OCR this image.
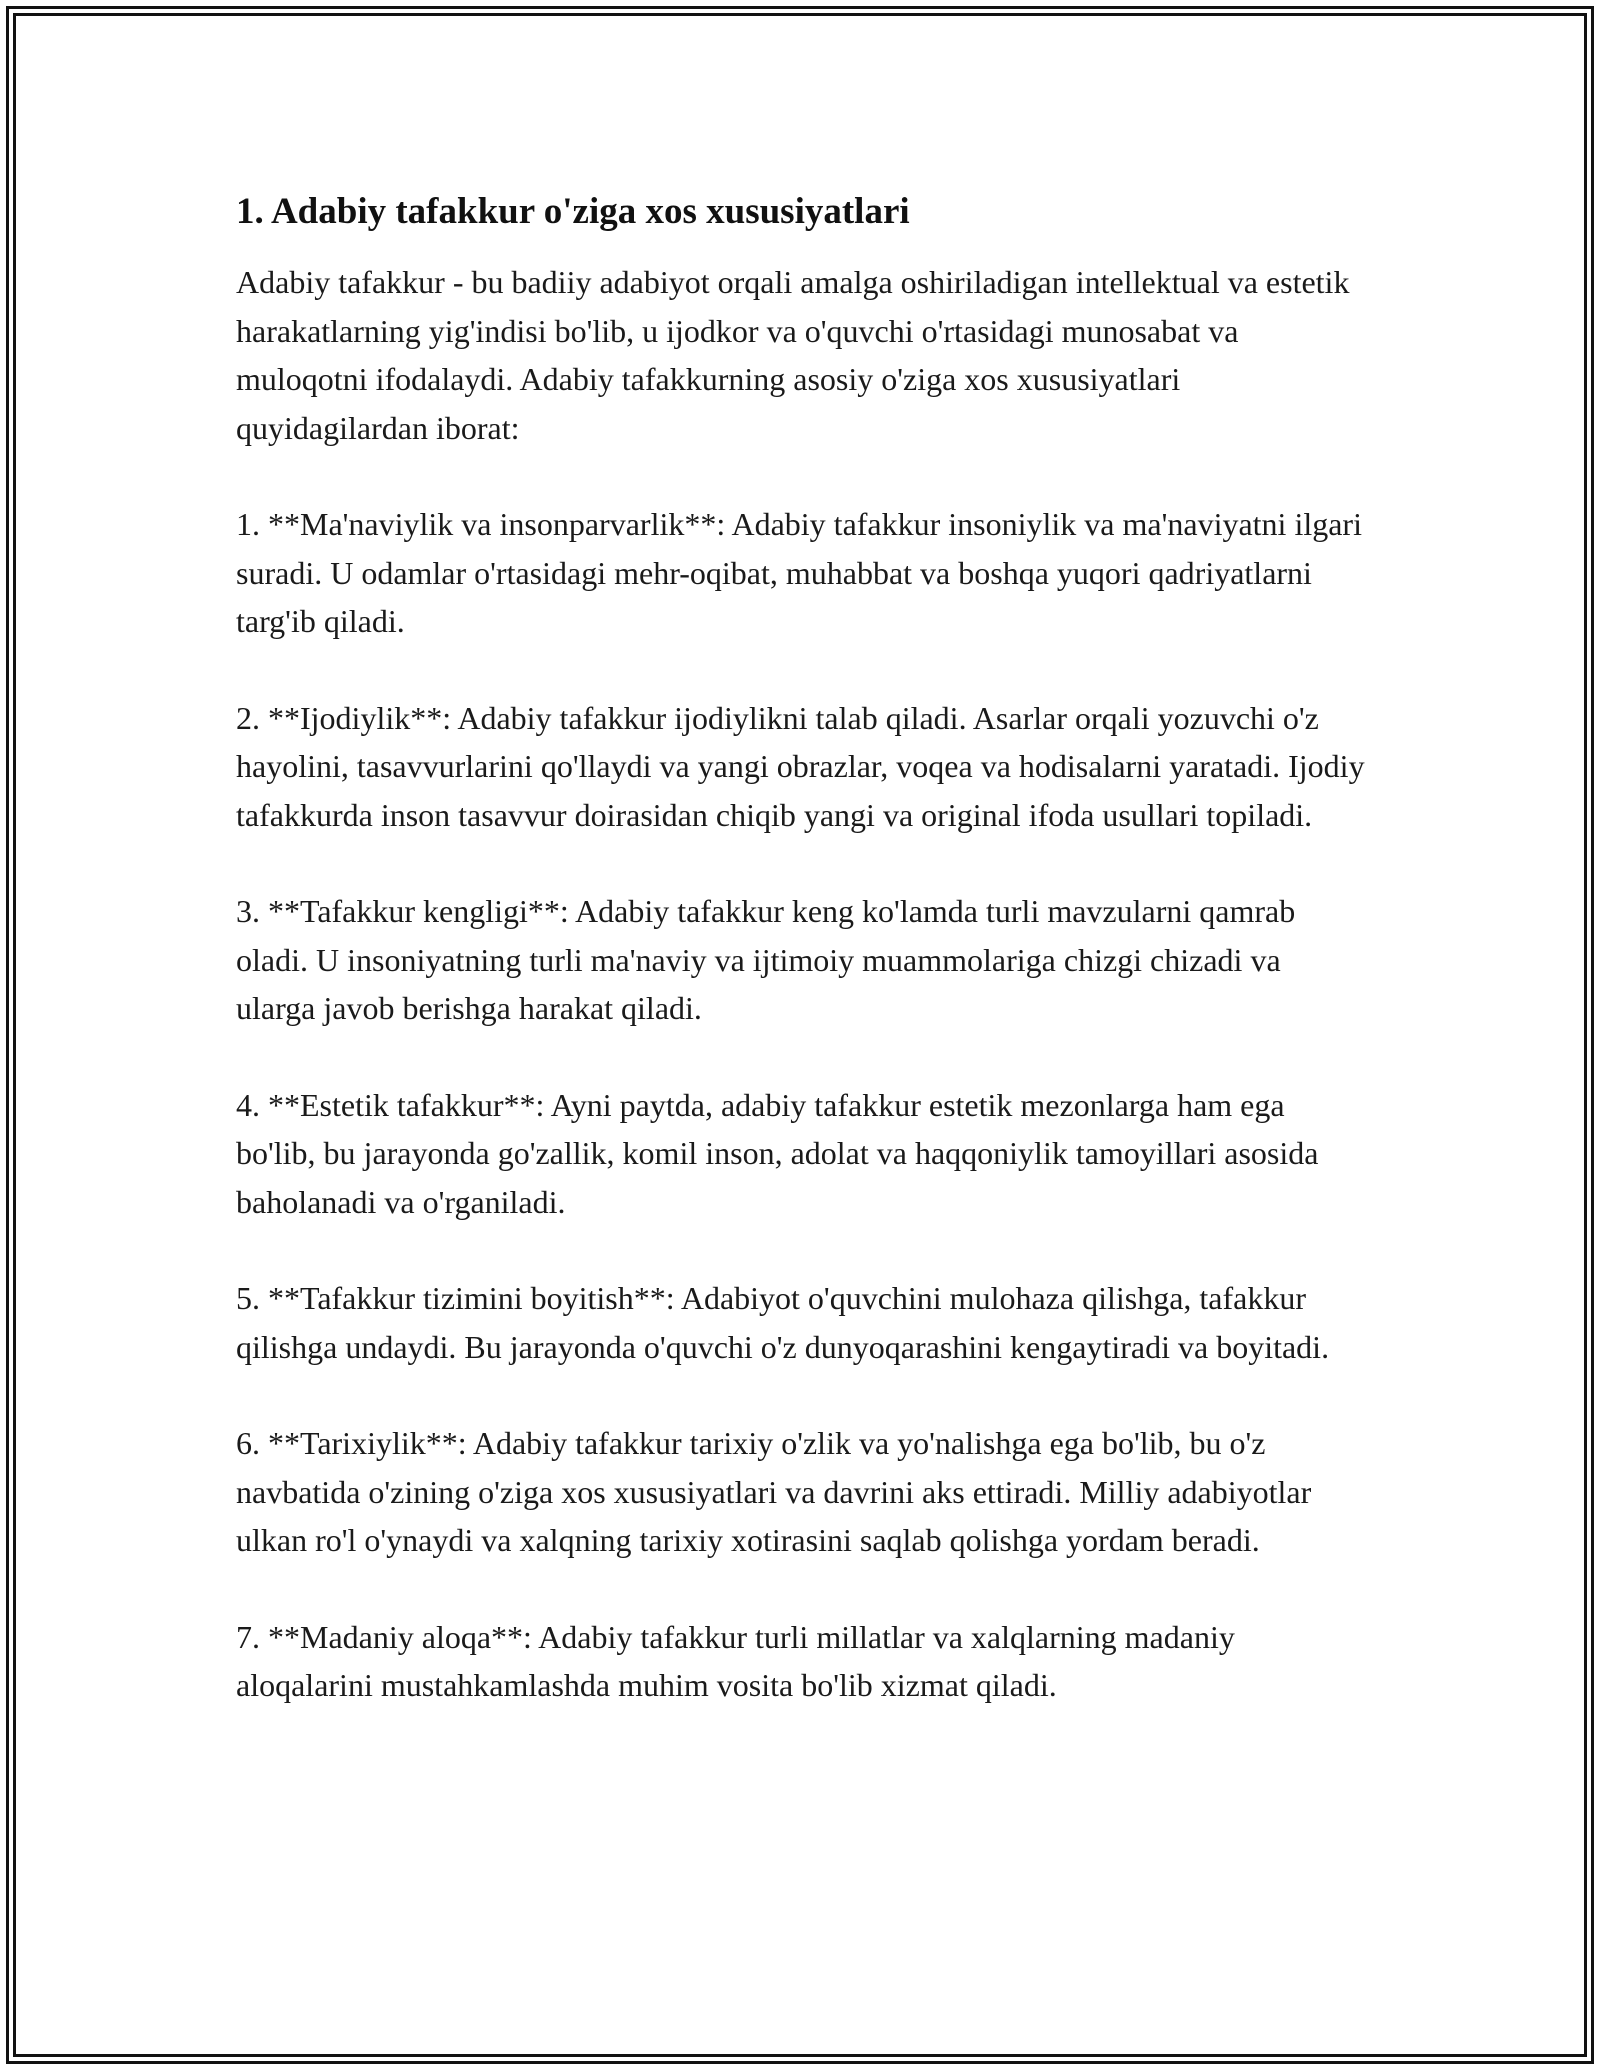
1. Adabiy tafakkur o'ziga xos xususiyatlari

Adabiy tafakkur - bu badiiy adabiyot orqali amalga oshiriladigan intellektual va estetik harakatlarning yig'indisi bo'lib, u ijodkor va o'quvchi o'rtasidagi munosabat va muloqotni ifodalaydi. Adabiy tafakkurning asosiy o'ziga xos xususiyatlari quyidagilardan iborat:

1. **Ma'naviylik va insonparvarlik**: Adabiy tafakkur insoniylik va ma'naviyatni ilgari suradi. U odamlar o'rtasidagi mehr-oqibat, muhabbat va boshqa yuqori qadriyatlarni targ'ib qiladi.

2. **Ijodiylik**: Adabiy tafakkur ijodiylikni talab qiladi. Asarlar orqali yozuvchi o'z hayolini, tasavvurlarini qo'llaydi va yangi obrazlar, voqea va hodisalarni yaratadi. Ijodiy tafakkurda inson tasavvur doirasidan chiqib yangi va original ifoda usullari topiladi.

3. **Tafakkur kengligi**: Adabiy tafakkur keng ko'lamda turli mavzularni qamrab oladi. U insoniyatning turli ma'naviy va ijtimoiy muammolariga chizgi chizadi va ularga javob berishga harakat qiladi.

4. **Estetik tafakkur**: Ayni paytda, adabiy tafakkur estetik mezonlarga ham ega bo'lib, bu jarayonda go'zallik, komil inson, adolat va haqqoniylik tamoyillari asosida baholanadi va o'rganiladi.

5. **Tafakkur tizimini boyitish**: Adabiyot o'quvchini mulohaza qilishga, tafakkur qilishga undaydi. Bu jarayonda o'quvchi o'z dunyoqarashini kengaytiradi va boyitadi.

6. **Tarixiylik**: Adabiy tafakkur tarixiy o'zlik va yo'nalishga ega bo'lib, bu o'z navbatida o'zining o'ziga xos xususiyatlari va davrini aks ettiradi. Milliy adabiyotlar ulkan ro'l o'ynaydi va xalqning tarixiy xotirasini saqlab qolishga yordam beradi.

7. **Madaniy aloqa**: Adabiy tafakkur turli millatlar va xalqlarning madaniy aloqalarini mustahkamlashda muhim vosita bo'lib xizmat qiladi.
